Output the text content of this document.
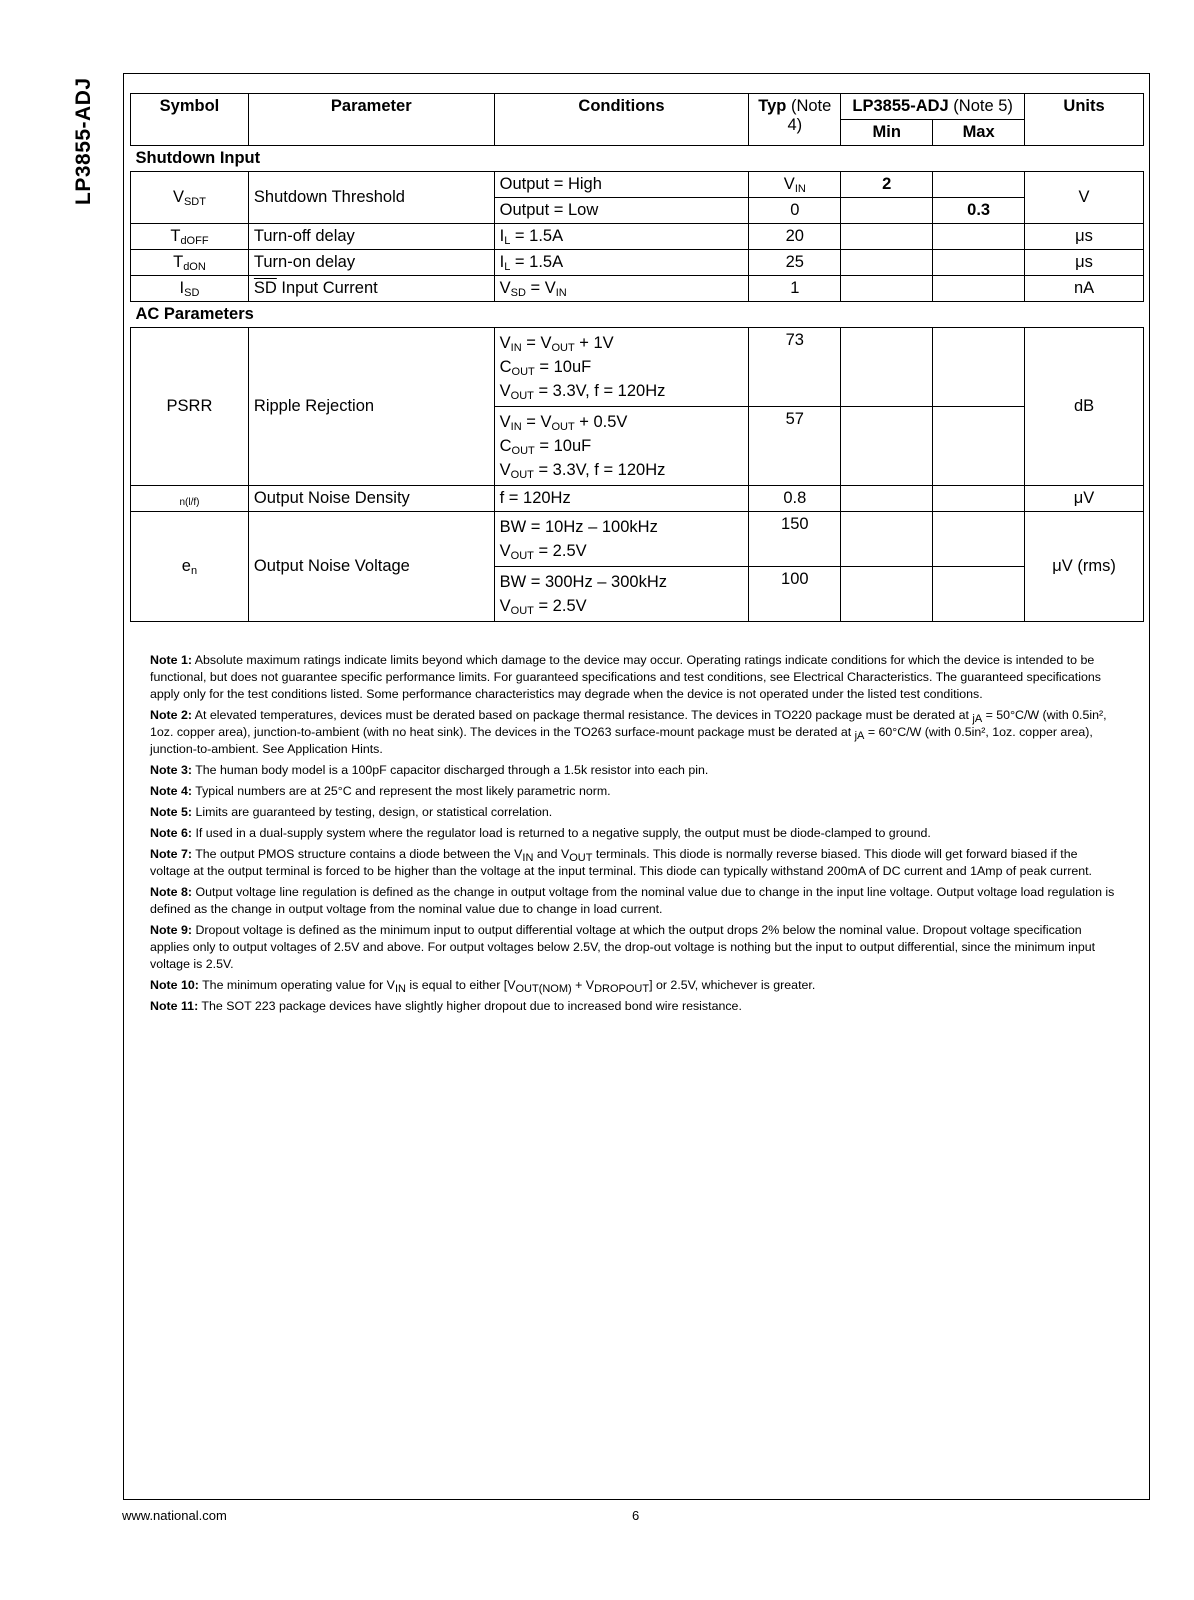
LP3855-ADJ	Symbol	Parameter	Conditions	Typ (Note 4)	LP3855-ADJ (Note 5)		Units
				Min	Max	
Shutdown Input						
$V_{SDT}$	Shutdown Threshold	Output = High	$V_{IN}$	2		V
		Output = Low	0		0.3	
$T_{dOFF}$	Turn-off delay	$I_L = 1.5A$	20			μs
$T_{dON}$	Turn-on delay	$I_L = 1.5A$	25			μs
$I_{SD}$	$\overline{SD}$ Input Current	$V_{SD} = V_{IN}$	1			nA
AC Parameters						
PSRR	Ripple Rejection	$V_{IN} = V_{OUT} + 1V$
$C_{OUT} = 10uF$
$V_{OUT} = 3.3V$, f = 120Hz	73			dB
		$V_{IN} = V_{OUT} + 0.5V$
$C_{OUT} = 10uF$
$V_{OUT} = 3.3V$, f = 120Hz	57			
n(l/f)	Output Noise Density	f = 120Hz	0.8			μV
$e_n$	Output Noise Voltage	BW = 10Hz – 100kHz
$V_{OUT} = 2.5V$	150			μV (rms)
		BW = 300Hz – 300kHz
$V_{OUT} = 2.5V$	100			

Note 1: Absolute maximum ratings indicate limits beyond which damage to the device may occur. Operating ratings indicate conditions for which the device is intended to be functional, but does not guarantee specific performance limits. For guaranteed specifications and test conditions, see Electrical Characteristics. The guaranteed specifications apply only for the test conditions listed. Some performance characteristics may degrade when the device is not operated under the listed test conditions.

Note 2: At elevated temperatures, devices must be derated based on package thermal resistance. The devices in TO220 package must be derated at $_{jA}$ = 50°C/W (with 0.5in², 1oz. copper area), junction-to-ambient (with no heat sink). The devices in the TO263 surface-mount package must be derated at $_{jA}$ = 60°C/W (with 0.5in², 1oz. copper area), junction-to-ambient. See Application Hints.

Note 3: The human body model is a 100pF capacitor discharged through a 1.5k resistor into each pin.

Note 4: Typical numbers are at 25°C and represent the most likely parametric norm.

Note 5: Limits are guaranteed by testing, design, or statistical correlation.

Note 6: If used in a dual-supply system where the regulator load is returned to a negative supply, the output must be diode-clamped to ground.

Note 7: The output PMOS structure contains a diode between the $V_{IN}$ and $V_{OUT}$ terminals. This diode is normally reverse biased. This diode will get forward biased if the voltage at the output terminal is forced to be higher than the voltage at the input terminal. This diode can typically withstand 200mA of DC current and 1Amp of peak current.

Note 8: Output voltage line regulation is defined as the change in output voltage from the nominal value due to change in the input line voltage. Output voltage load regulation is defined as the change in output voltage from the nominal value due to change in load current.

Note 9: Dropout voltage is defined as the minimum input to output differential voltage at which the output drops 2% below the nominal value. Dropout voltage specification applies only to output voltages of 2.5V and above. For output voltages below 2.5V, the drop-out voltage is nothing but the input to output differential, since the minimum input voltage is 2.5V.

Note 10: The minimum operating value for $V_{IN}$ is equal to either $[V_{OUT(NOM)} + V_{DROPOUT}]$ or 2.5V, whichever is greater.

Note 11: The SOT 223 package devices have slightly higher dropout due to increased bond wire resistance.

www.national.com	6
